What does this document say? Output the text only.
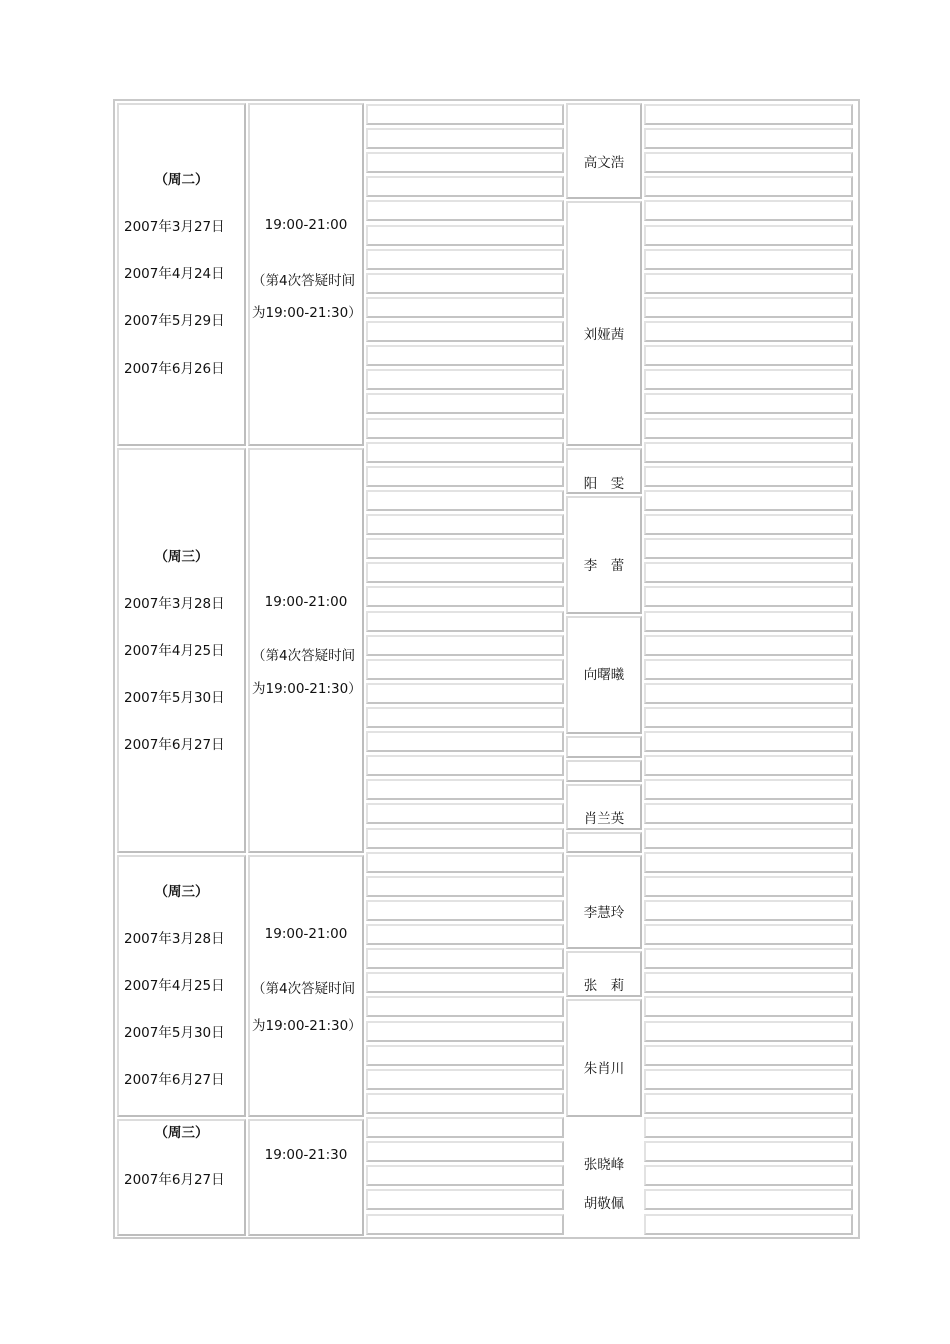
（周二）
2007年3月27日
2007年4月24日
2007年5月29日
2007年6月26日
19:00-21:00
（第4次答疑时间
为19:00-21:30）
高文浩
刘娅茜
（周三）
2007年3月28日
2007年4月25日
2007年5月30日
2007年6月27日
19:00-21:00
（第4次答疑时间
为19:00-21:30）
阳　雯
李　蕾
向曙曦
肖兰英
（周三）
2007年3月28日
2007年4月25日
2007年5月30日
2007年6月27日
19:00-21:00
（第4次答疑时间
为19:00-21:30）
李慧玲
张　莉
朱肖川
（周三）
2007年6月27日
19:00-21:30
张晓峰
胡敬佩
